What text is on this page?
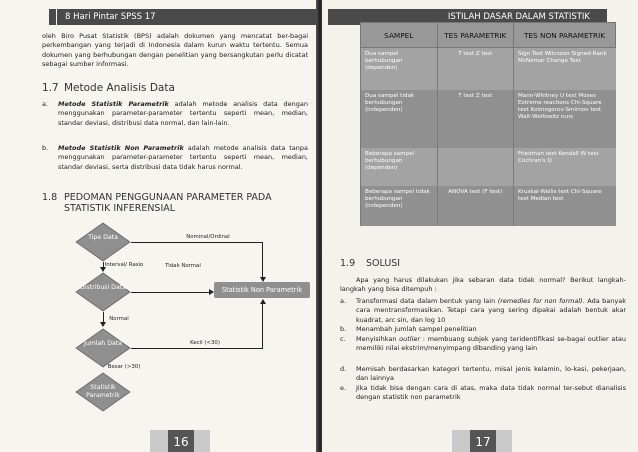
8 Hari Pintar SPSS 17
oleh Biro Pusat Statistik (BPS) adalah dokumen yang mencatat ber-bagai perkembangan yang terjadi di Indonesia dalam kurun waktu tertentu. Semua dokumen yang berhubungan dengan penelitian yang bersangkutan perlu dicatat sebagai sumber informasi.
1.7 Metode Analisis Data
a. Metode Statistik Parametrik adalah metode analisis data dengan menggunakan parameter-parameter tertentu seperti mean, median, standar deviasi, distribusi data normal, dan lain-lain.
b. Metode Statistik Non Parametrik adalah metode analisis data tanpa menggunakan parameter-parameter tertentu seperti mean, median, standar deviasi, serta distribusi data tidak harus normal.
1.8 PEDOMAN PENGGUNAAN PARAMETER PADA
STATISTIK INFERENSIAL
Tipe Data
Distribusi Data
Jumlah Data
Statistik Parametrik
Statistik Non Parametrik
Nominal/Ordinal
Interval/ Rasio	Tidak Normal
Normal
Kecil (<30)
Besar (>30)
16
ISTILAH DASAR DALAM STATISTIK
SAMPEL	TES PARAMETRIK	TES NON PARAMETRIK
Dua sampel berhubungan (dependen)	T test Z test	Sign Test Wilcoxon Signed-Rank McNemar Change Test
Dua sampel tidak berhubungan (independen)	T test Z test	Mann-Whitney U test Moses Extreme reactions Chi-Square test Kolmogorov-Smirnov test Walt-Wolfowitz runs
Beberapa sampel berhubungan (dependen)		Friedman test Kendall W test Cochran's Q
Beberapa sampel tidak berhubungan (independen)	ANOVA test (F test)	Kruskal-Wallis test Chi-Square test Median test
1.9 SOLUSI
Apa yang harus dilakukan jika sebaran data tidak normal? Berikut langkah-langkah yang bisa ditempuh :
a. Transformasi data dalam bentuk yang lain (remedies for non formal). Ada banyak cara mentransformasikan. Tetapi cara yang sering dipakai adalah bentuk akar kuadrat, arc sin, dan log 10
b. Menambah jumlah sampel penelitian
c. Menyisihkan outlier : membuang subjek yang teridentifikasi se-bagai outlier atau memiliki nilai ekstrim/menyimpang dibanding yang lain
d. Memisah berdasarkan kategori tertentu, misal jenis kelamin, lo-kasi, pekerjaan, dan lainnya
e. Jika tidak bisa dengan cara di atas, maka data tidak normal ter-sebut dianalisis dengan statistik non parametrik
17
